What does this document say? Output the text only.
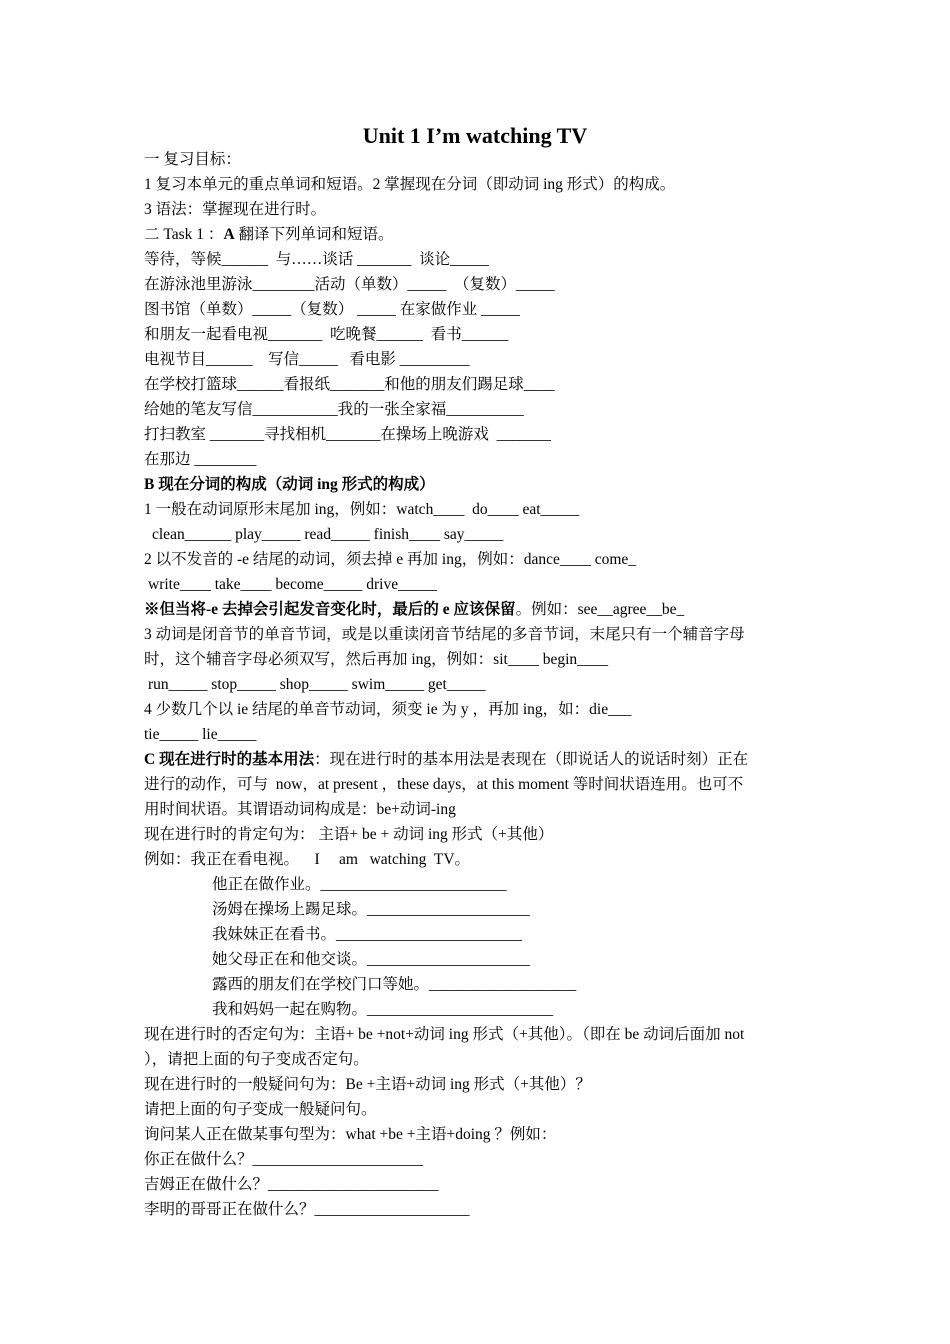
Unit 1 I’m watching TV
一 复习目标：
1 复习本单元的重点单词和短语。2 掌握现在分词（即动词 ing 形式）的构成。
3 语法：掌握现在进行时。
二 Task 1 ：A 翻译下列单词和短语。
等待，等候______  与……谈话 _______  谈论_____
在游泳池里游泳________活动（单数）_____  （复数）_____
图书馆（单数）_____（复数） _____ 在家做作业 _____
和朋友一起看电视_______  吃晚餐______  看书______
电视节目______    写信_____   看电影 _________
在学校打篮球______看报纸_______和他的朋友们踢足球____
给她的笔友写信___________我的一张全家福__________
打扫教室 _______寻找相机_______在操场上晚游戏  _______
在那边 ________
B 现在分词的构成（动词 ing 形式的构成）
1 一般在动词原形末尾加 ing，例如：watch____  do____ eat_____
clean______ play_____ read_____ finish____ say_____
2 以不发音的 -e 结尾的动词，须去掉 e 再加 ing，例如：dance____ come_
write____ take____ become_____ drive_____
※但当将-e 去掉会引起发音变化时，最后的 e 应该保留。例如：see__agree__be_
3 动词是闭音节的单音节词，或是以重读闭音节结尾的多音节词，末尾只有一个辅音字母
时，这个辅音字母必须双写，然后再加 ing，例如：sit____ begin____
run_____ stop_____ shop_____ swim_____ get_____
4 少数几个以 ie 结尾的单音节动词，须变 ie 为 y ，再加 ing，如：die___
tie_____ lie_____
C 现在进行时的基本用法：现在进行时的基本用法是表现在（即说话人的说话时刻）正在
进行的动作，可与  now，at present ，these days，at this moment 等时间状语连用。也可不
用时间状语。其谓语动词构成是：be+动词-ing
现在进行时的肯定句为： 主语+ be + 动词 ing 形式（+其他）
例如：我正在看电视。    I     am   watching  TV。
他正在做作业。________________________
汤姆在操场上踢足球。_____________________
我妹妹正在看书。________________________
她父母正在和他交谈。_____________________
露西的朋友们在学校门口等她。___________________
我和妈妈一起在购物。________________________
现在进行时的否定句为：主语+ be +not+动词 ing 形式（+其他）。（即在 be 动词后面加 not
），请把上面的句子变成否定句。
现在进行时的一般疑问句为：Be +主语+动词 ing 形式（+其他）？
请把上面的句子变成一般疑问句。
询问某人正在做某事句型为：what +be +主语+doing ？例如：
你正在做什么？______________________
吉姆正在做什么？______________________
李明的哥哥正在做什么？____________________
